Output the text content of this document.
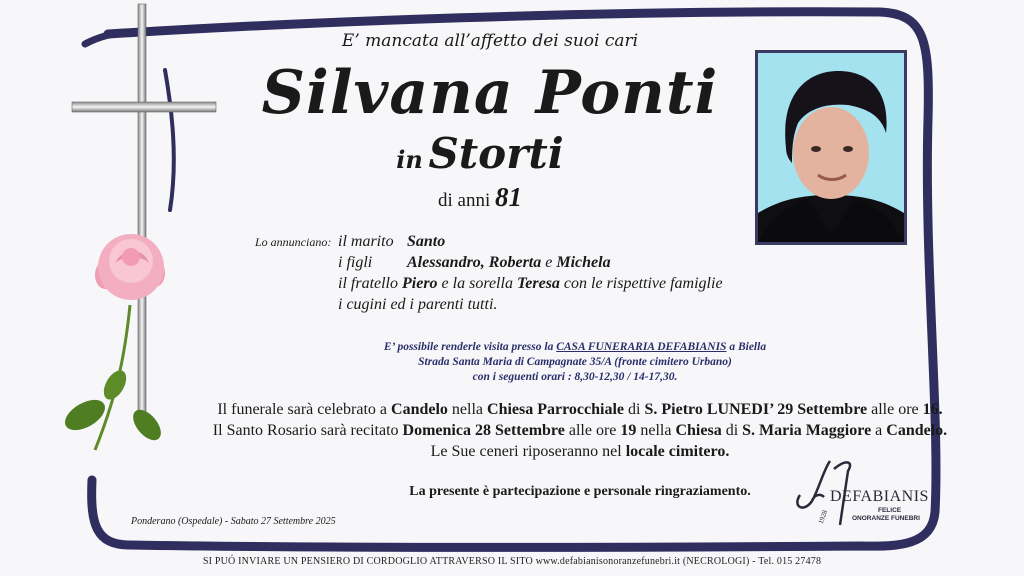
E’ mancata all’affetto dei suoi cari
Silvana Ponti
in Storti
di anni 81
Lo annunciano: il marito Santo
i figli Alessandro, Roberta e Michela
il fratello Piero e la sorella Teresa con le rispettive famiglie
i cugini ed i parenti tutti.
E’ possibile renderle visita presso la CASA FUNERARIA DEFABIANIS a Biella
Strada Santa Maria di Campagnate 35/A (fronte cimitero Urbano)
con i seguenti orari : 8,30-12,30 / 14-17,30.
Il funerale sarà celebrato a Candelo nella Chiesa Parrocchiale di S. Pietro LUNEDI’ 29 Settembre alle ore 16.
Il Santo Rosario sarà recitato Domenica 28 Settembre alle ore 19 nella Chiesa di S. Maria Maggiore a Candelo.
Le Sue ceneri riposeranno nel locale cimitero.
La presente è partecipazione e personale ringraziamento.
Ponderano (Ospedale) - Sabato 27 Settembre 2025
DEFABIANIS
FELICE
ONORANZE FUNEBRI
1928
SI PUÓ INVIARE UN PENSIERO DI CORDOGLIO ATTRAVERSO IL SITO www.defabianisonoranzefunebri.it (NECROLOGI) - Tel. 015 27478
